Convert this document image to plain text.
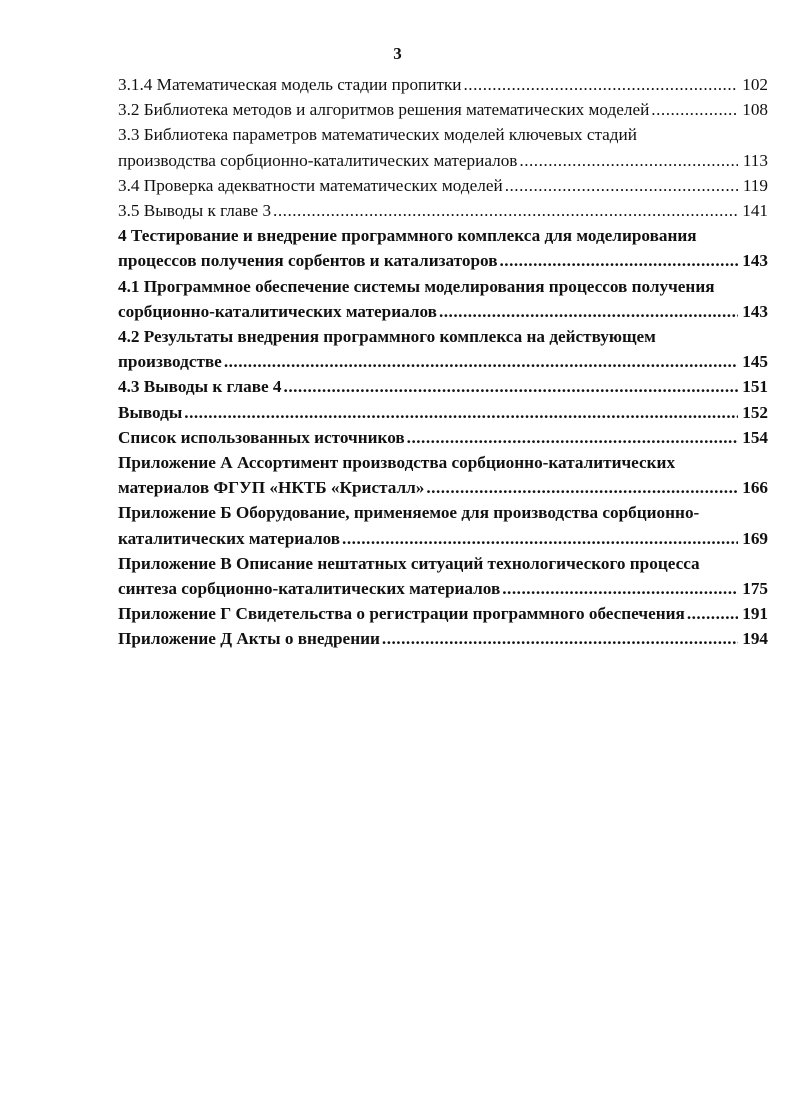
3
3.1.4 Математическая модель стадии пропитки .....	102
3.2 Библиотека методов и алгоритмов решения математических моделей .....	108
3.3 Библиотека параметров математических моделей ключевых стадий
производства сорбционно-каталитических материалов .....	113
3.4 Проверка адекватности математических моделей .....	119
3.5 Выводы к главе 3 .....	141
4 Тестирование и внедрение программного комплекса для моделирования
процессов получения сорбентов и катализаторов .....	143
4.1 Программное обеспечение системы моделирования процессов получения
сорбционно-каталитических материалов .....	143
4.2 Результаты внедрения программного комплекса на действующем
производстве .....	145
4.3 Выводы к главе 4 .....	151
Выводы .....	152
Список использованных источников .....	154
Приложение А Ассортимент производства сорбционно-каталитических
материалов ФГУП «НКТБ «Кристалл» .....	166
Приложение Б Оборудование, применяемое для производства сорбционно-
каталитических материалов .....	169
Приложение В Описание нештатных ситуаций технологического процесса
синтеза сорбционно-каталитических материалов .....	175
Приложение Г Свидетельства о регистрации программного обеспечения .....	191
Приложение Д Акты о внедрении .....	194
